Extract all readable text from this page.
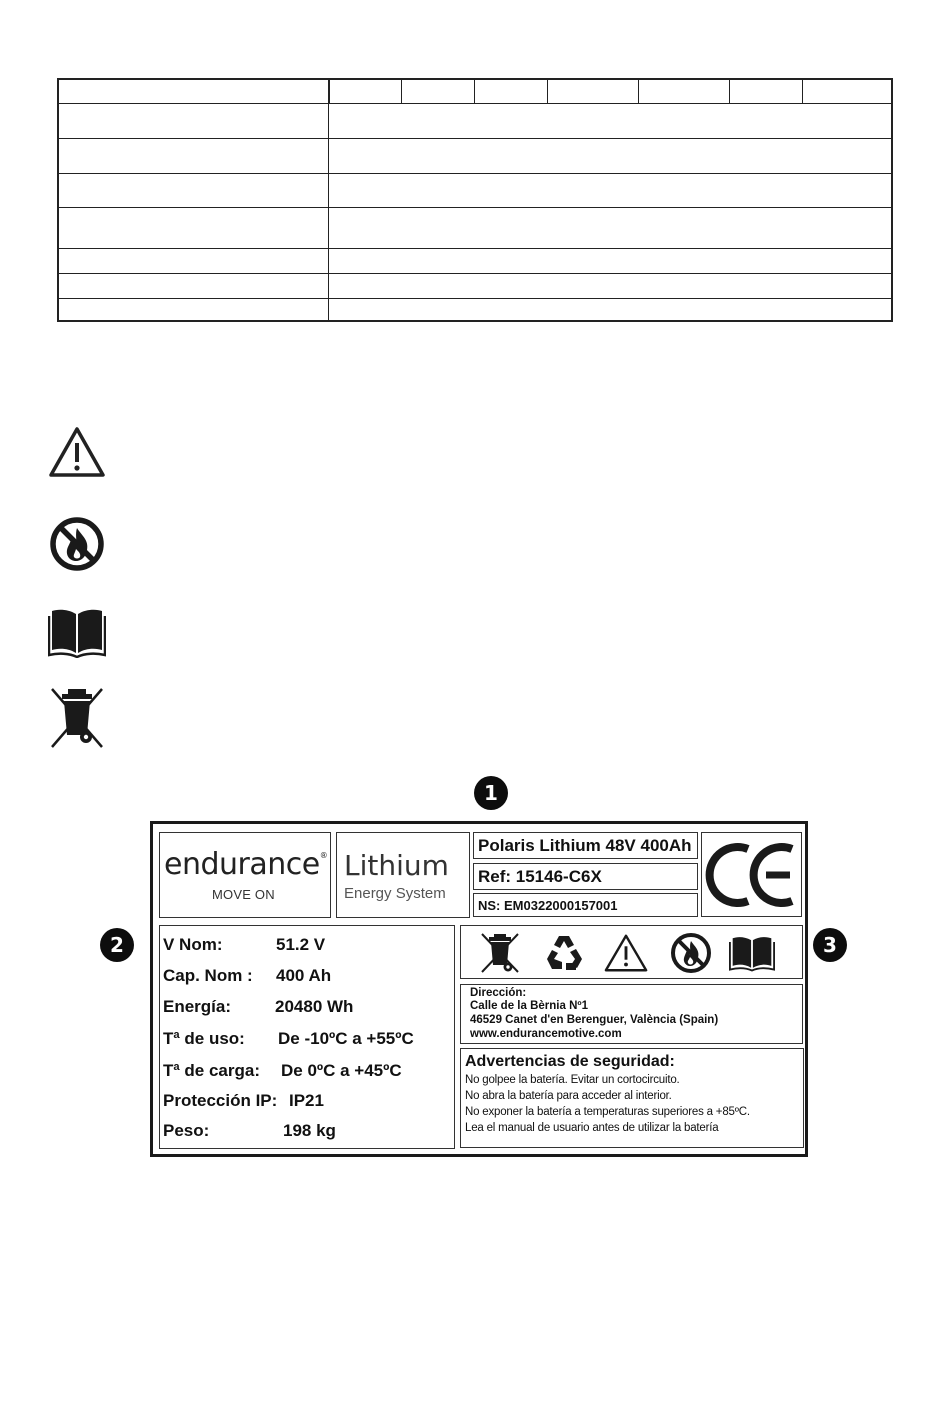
1
2	3
endurance®
MOVE ON
Lithium
Energy System
Polaris Lithium 48V 400Ah
Ref: 15146-C6X
NS: EM0322000157001
V Nom:	51.2 V
Cap. Nom : 400 Ah
Energía:	20480 Wh
Tª de uso: De -10ºC a +55ºC
Tª de carga: De 0ºC a +45ºC
Protección IP: IP21
Peso:	198 kg
Dirección:
Calle de la Bèrnia Nº1
46529 Canet d'en Berenguer, València (Spain)
www.endurancemotive.com
Advertencias de seguridad:
No golpee la batería. Evitar un cortocircuito.
No abra la batería para acceder al interior.
No exponer la batería a temperaturas superiores a +85ºC.
Lea el manual de usuario antes de utilizar la batería
